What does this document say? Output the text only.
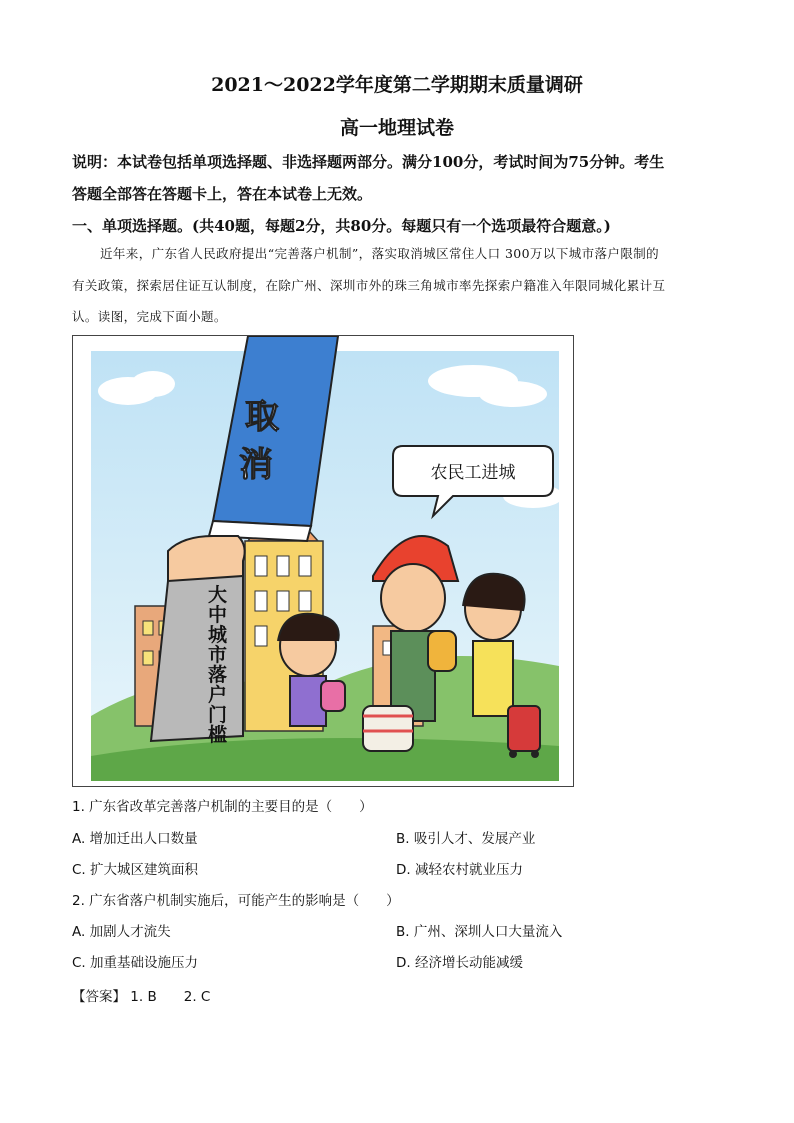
2021～2022学年度第二学期期末质量调研
高一地理试卷
说明：本试卷包括单项选择题、非选择题两部分。满分100分，考试时间为75分钟。考生
答题全部答在答题卡上，答在本试卷上无效。
一、单项选择题。(共40题，每题2分，共80分。每题只有一个选项最符合题意。)
近年来，广东省人民政府提出“完善落户机制”，落实取消城区常住人口 300万以下城市落户限制的
有关政策，探索居住证互认制度，在除广州、深圳市外的珠三角城市率先探索户籍准入年限同城化累计互
认。读图，完成下面小题。
取
消
大 中 城 市 落 户 门 槛
农民工进城
1. 广东省改革完善落户机制的主要目的是（　　）
A. 增加迁出人口数量	B. 吸引人才、发展产业
C. 扩大城区建筑面积	D. 减轻农村就业压力
2. 广东省落户机制实施后，可能产生的影响是（　　）
A. 加剧人才流失	B. 广州、深圳人口大量流入
C. 加重基础设施压力	D. 经济增长动能减缓
【答案】 1. B　　2. C
